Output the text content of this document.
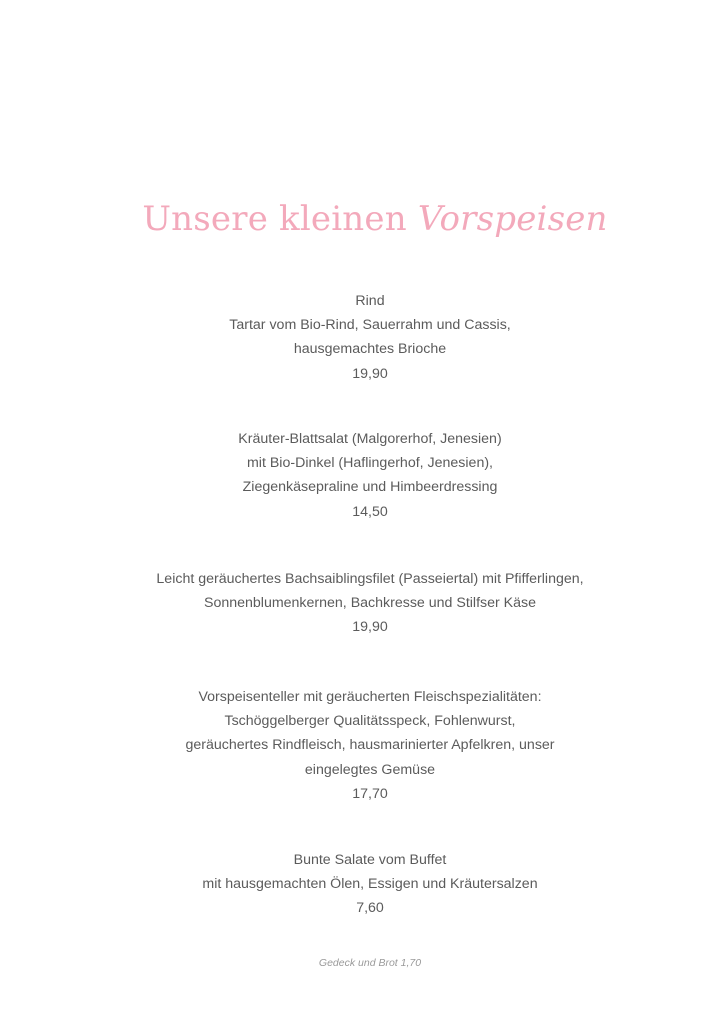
Unsere kleinen Vorspeisen
Rind
Tartar vom Bio-Rind, Sauerrahm und Cassis,
hausgemachtes Brioche
19,90
Kräuter-Blattsalat (Malgorerhof, Jenesien)
mit Bio-Dinkel (Haflingerhof, Jenesien),
Ziegenkäsepraline und Himbeerdressing
14,50
Leicht geräuchertes Bachsaiblingsfilet (Passeiertal) mit Pfifferlingen,
Sonnenblumenkernen, Bachkresse und Stilfser Käse
19,90
Vorspeisenteller mit geräucherten Fleischspezialitäten:
Tschöggelberger Qualitätsspeck, Fohlenwurst,
geräuchertes Rindfleisch, hausmarinierter Apfelkren, unser
eingelegtes Gemüse
17,70
Bunte Salate vom Buffet
mit hausgemachten Ölen, Essigen und Kräutersalzen
7,60
Gedeck und Brot 1,70
